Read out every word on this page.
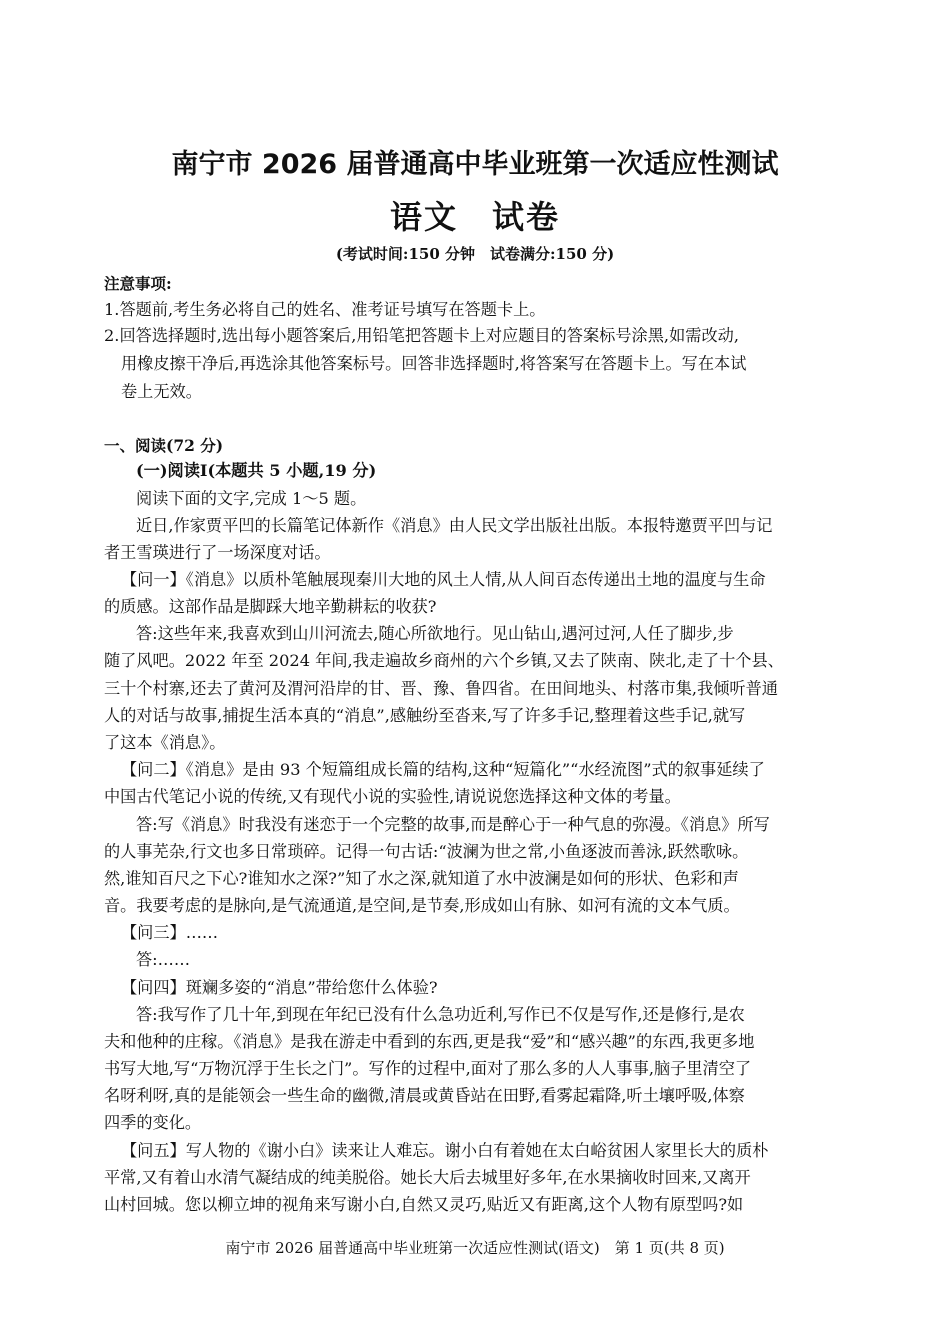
南宁市 2026 届普通高中毕业班第一次适应性测试
语文　试卷
(考试时间:150 分钟　试卷满分:150 分)
注意事项:
1.答题前,考生务必将自己的姓名、准考证号填写在答题卡上。
2.回答选择题时,选出每小题答案后,用铅笔把答题卡上对应题目的答案标号涂黑,如需改动,
用橡皮擦干净后,再选涂其他答案标号。回答非选择题时,将答案写在答题卡上。写在本试
卷上无效。
一、阅读(72 分)
(一)阅读Ⅰ(本题共 5 小题,19 分)
阅读下面的文字,完成 1～5 题。
近日,作家贾平凹的长篇笔记体新作《消息》由人民文学出版社出版。本报特邀贾平凹与记
者王雪瑛进行了一场深度对话。
【问一】《消息》以质朴笔触展现秦川大地的风土人情,从人间百态传递出土地的温度与生命
的质感。这部作品是脚踩大地辛勤耕耘的收获?
答:这些年来,我喜欢到山川河流去,随心所欲地行。见山钻山,遇河过河,人任了脚步,步
随了风吧。2022 年至 2024 年间,我走遍故乡商州的六个乡镇,又去了陕南、陕北,走了十个县、
三十个村寨,还去了黄河及渭河沿岸的甘、晋、豫、鲁四省。在田间地头、村落市集,我倾听普通
人的对话与故事,捕捉生活本真的“消息”,感触纷至沓来,写了许多手记,整理着这些手记,就写
了这本《消息》。
【问二】《消息》是由 93 个短篇组成长篇的结构,这种“短篇化”“水经流图”式的叙事延续了
中国古代笔记小说的传统,又有现代小说的实验性,请说说您选择这种文体的考量。
答:写《消息》时我没有迷恋于一个完整的故事,而是醉心于一种气息的弥漫。《消息》所写
的人事芜杂,行文也多日常琐碎。记得一句古话:“波澜为世之常,小鱼逐波而善泳,跃然歌咏。
然,谁知百尺之下心?谁知水之深?”知了水之深,就知道了水中波澜是如何的形状、色彩和声
音。我要考虑的是脉向,是气流通道,是空间,是节奏,形成如山有脉、如河有流的文本气质。
【问三】……
答:……
【问四】斑斓多姿的“消息”带给您什么体验?
答:我写作了几十年,到现在年纪已没有什么急功近利,写作已不仅是写作,还是修行,是农
夫和他种的庄稼。《消息》是我在游走中看到的东西,更是我“爱”和“感兴趣”的东西,我更多地
书写大地,写“万物沉浮于生长之门”。写作的过程中,面对了那么多的人人事事,脑子里清空了
名呀利呀,真的是能领会一些生命的幽微,清晨或黄昏站在田野,看雾起霜降,听土壤呼吸,体察
四季的变化。
【问五】写人物的《谢小白》读来让人难忘。谢小白有着她在太白峪贫困人家里长大的质朴
平常,又有着山水清气凝结成的纯美脱俗。她长大后去城里好多年,在水果摘收时回来,又离开
山村回城。您以柳立坤的视角来写谢小白,自然又灵巧,贴近又有距离,这个人物有原型吗?如
南宁市 2026 届普通高中毕业班第一次适应性测试(语文)　第 1 页(共 8 页)
